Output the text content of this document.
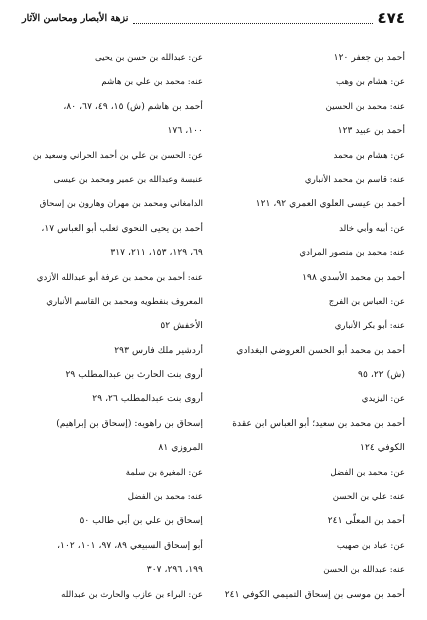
٤٧٤
نزهة الأبصار ومحاسن الآثار
أحمد بن جعفر ١٢٠
عن: هشام بن وهب
عنه: محمد بن الحسين
أحمد بن عبيد ١٢٣
عن: هشام بن محمد
عنه: قاسم بن محمد الأنباري
أحمد بن عيسى العلوي العمري ٩٢، ١٢١
عن: أبيه وأبي خالد
عنه: محمد بن منصور المرادي
أحمد بن محمد الأسدي ١٩٨
عن: العباس بن الفرج
عنه: أبو بكر الأنباري
أحمد بن محمد أبو الحسن العروضي البغدادي
(ش) ٢٢، ٩٥
عن: اليزيدي
أحمد بن محمد بن سعيد؛ أبو العباس ابن عقدة
الكوفي ١٢٤
عن: محمد بن الفضل
عنه: علي بن الحسن
أحمد بن المعلّى ٢٤١
عن: عباد بن صهيب
عنه: عبدالله بن الحسن
أحمد بن موسى بن إسحاق التميمي الكوفي ٢٤١
عن: عبدالله بن حسن بن يحيى
عنه: محمد بن علي بن هاشم
أحمد بن هاشم (ش) ١٥، ٤٩، ٦٧، ٨٠،
١٠٠، ١٧٦
عن: الحسن بن علي بن أحمد الحراني وسعيد بن
عنبسة وعبدالله بن عمير ومحمد بن عيسى
الدامغاني ومحمد بن مهران وهارون بن إسحاق
أحمد بن يحيى النحوي ثعلب أبو العباس ١٧،
٦٩، ١٢٩، ١٥٣، ٢١١، ٣١٧
عنه: أحمد بن محمد بن عرفة أبو عبدالله الأزدي
المعروف بنفطويه ومحمد بن القاسم الأنباري
الأخفش ٥٢
أردشير ملك فارس ٢٩٣
أروى بنت الحارث بن عبدالمطلب ٢٩
أروى بنت عبدالمطلب ٢٦، ٢٩
إسحاق بن راهويه: (إسحاق بن إبراهيم)
المروزي ٨١
عن: المغيرة بن سلمة
عنه: محمد بن الفضل
إسحاق بن علي بن أبي طالب ٥٠
أبو إسحاق السبيعي ٨٩، ٩٧، ١٠١، ١٠٢،
١٩٩، ٢٩٦، ٣٠٧
عن: البراء بن عازب والحارث بن عبدالله
